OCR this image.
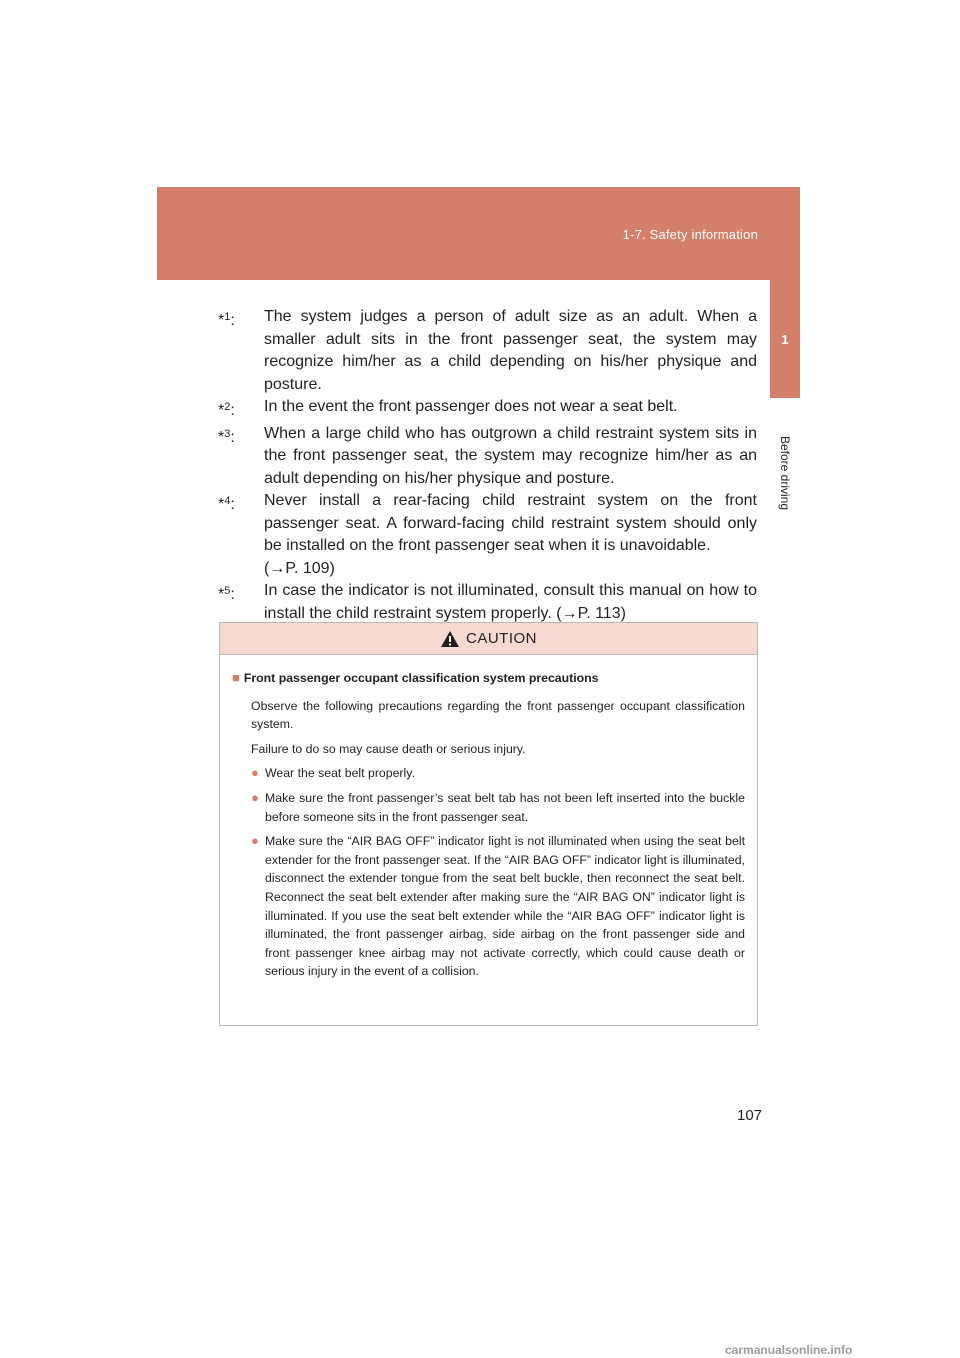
1-7. Safety information
1
Before driving
*$^1$:	The system judges a person of adult size as an adult. When a smaller adult sits in the front passenger seat, the system may recognize him/her as a child depending on his/her physique and posture.
*$^2$:	In the event the front passenger does not wear a seat belt.
*$^3$:	When a large child who has outgrown a child restraint system sits in the front passenger seat, the system may recognize him/her as an adult depending on his/her physique and posture.
*$^4$:	Never install a rear-facing child restraint system on the front passenger seat. A forward-facing child restraint system should only be installed on the front passenger seat when it is unavoidable.
(→P. 109)
*$^5$:	In case the indicator is not illuminated, consult this manual on how to install the child restraint system properly. (→P. 113)
CAUTION
■ Front passenger occupant classification system precautions
Observe the following precautions regarding the front passenger occupant classification system.
Failure to do so may cause death or serious injury.
● Wear the seat belt properly.
● Make sure the front passenger’s seat belt tab has not been left inserted into the buckle before someone sits in the front passenger seat.
● Make sure the “AIR BAG OFF” indicator light is not illuminated when using the seat belt extender for the front passenger seat. If the “AIR BAG OFF” indicator light is illuminated, disconnect the extender tongue from the seat belt buckle, then reconnect the seat belt. Reconnect the seat belt extender after making sure the “AIR BAG ON” indicator light is illuminated. If you use the seat belt extender while the “AIR BAG OFF” indicator light is illuminated, the front passenger airbag, side airbag on the front passenger side and front passenger knee airbag may not activate correctly, which could cause death or serious injury in the event of a collision.
107
carmanualsonline.info
